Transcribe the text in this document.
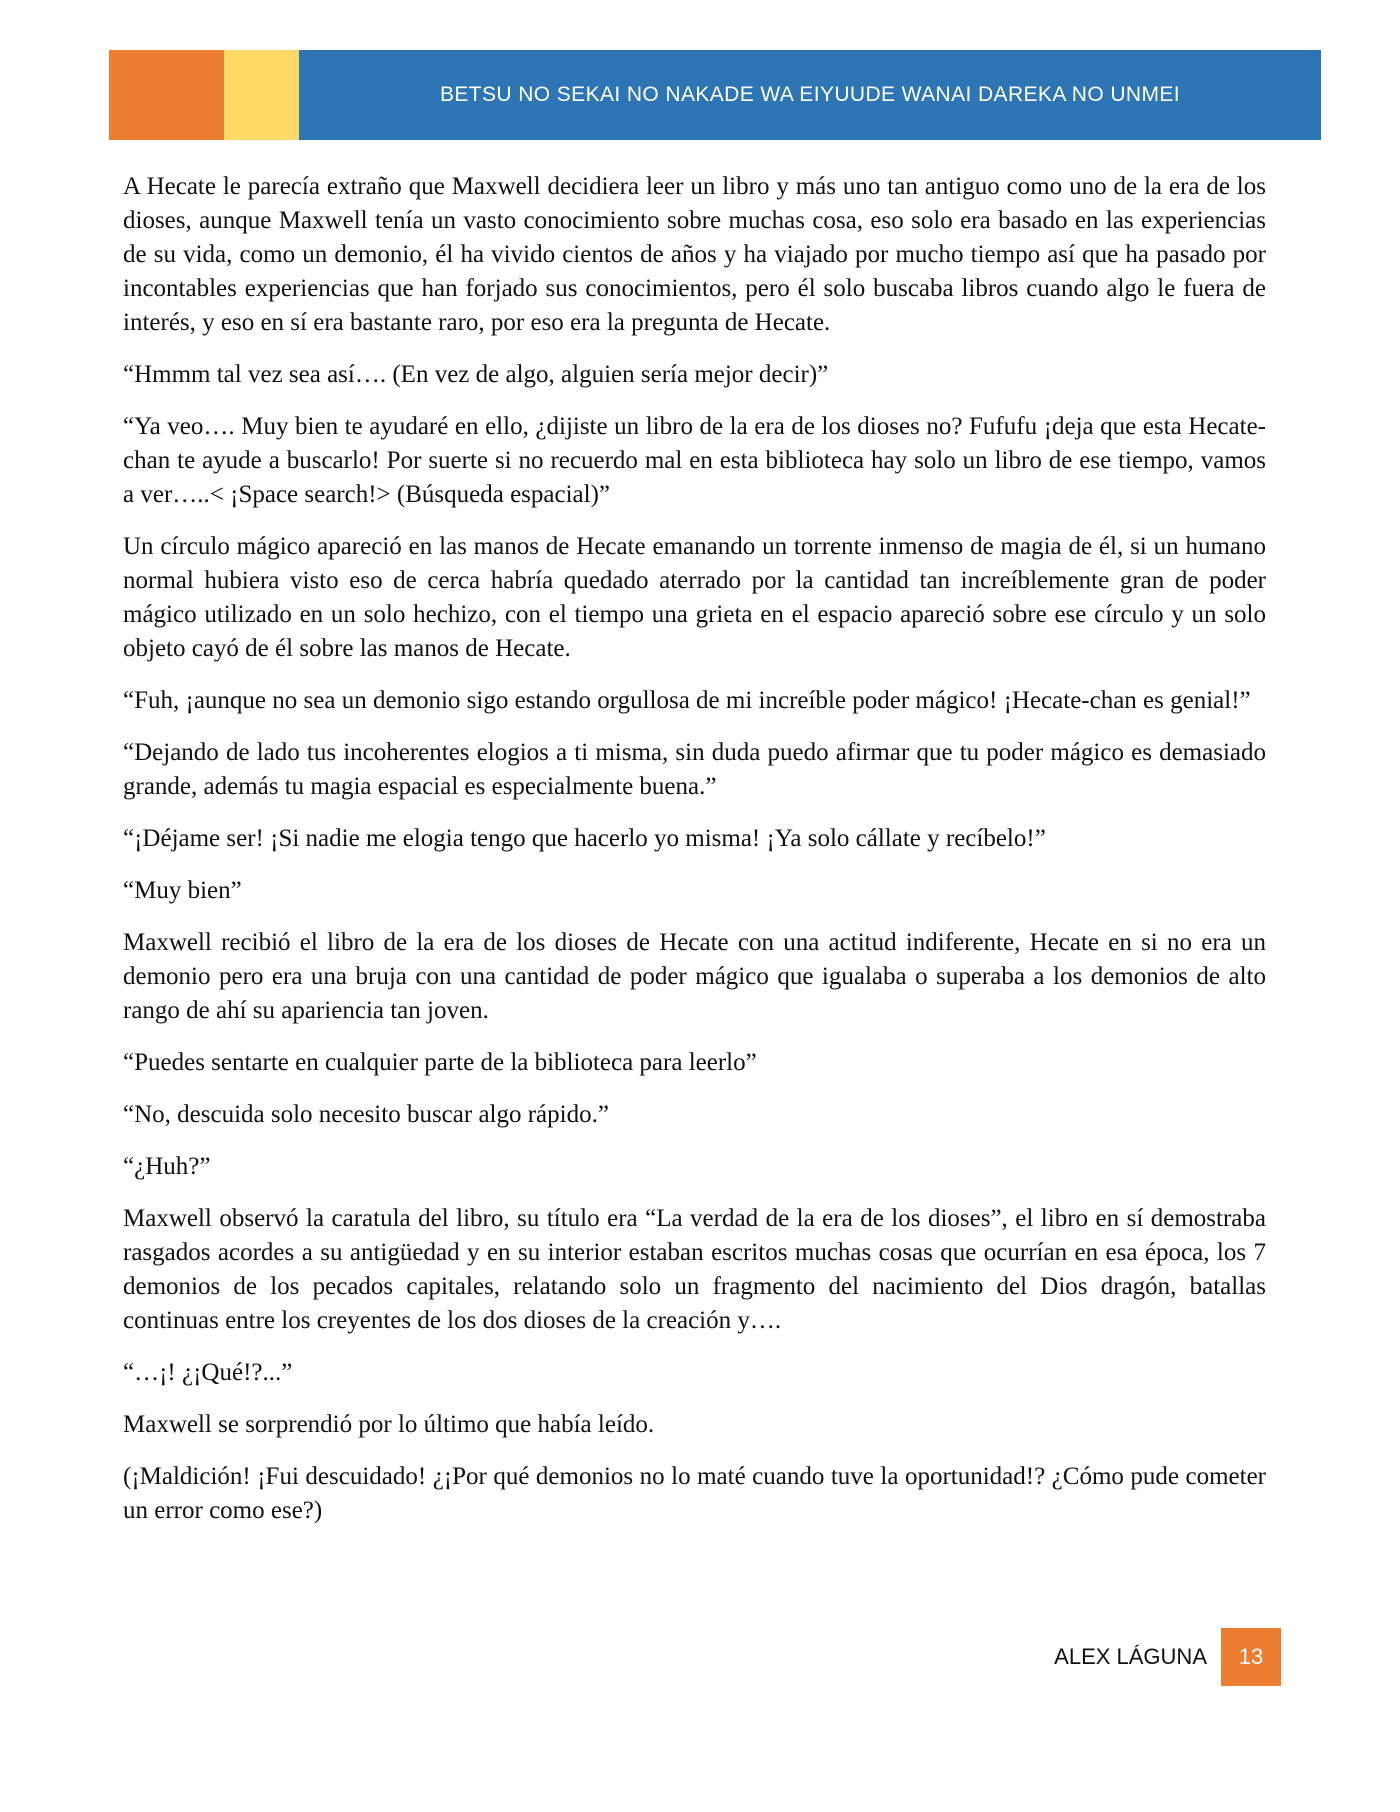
BETSU NO SEKAI NO NAKADE WA EIYUUDE WANAI DAREKA NO UNMEI

A Hecate le parecía extraño que Maxwell decidiera leer un libro y más uno tan antiguo como uno de la era de los dioses, aunque Maxwell tenía un vasto conocimiento sobre muchas cosa, eso solo era basado en las experiencias de su vida, como un demonio, él ha vivido cientos de años y ha viajado por mucho tiempo así que ha pasado por incontables experiencias que han forjado sus conocimientos, pero él solo buscaba libros cuando algo le fuera de interés, y eso en sí era bastante raro, por eso era la pregunta de Hecate.

“Hmmm tal vez sea así…. (En vez de algo, alguien sería mejor decir)”

“Ya veo…. Muy bien te ayudaré en ello, ¿dijiste un libro de la era de los dioses no? Fufufu ¡deja que esta Hecate-chan te ayude a buscarlo! Por suerte si no recuerdo mal en esta biblioteca hay solo un libro de ese tiempo, vamos a ver…..< ¡Space search!> (Búsqueda espacial)”

Un círculo mágico apareció en las manos de Hecate emanando un torrente inmenso de magia de él, si un humano normal hubiera visto eso de cerca habría quedado aterrado por la cantidad tan increíblemente gran de poder mágico utilizado en un solo hechizo, con el tiempo una grieta en el espacio apareció sobre ese círculo y un solo objeto cayó de él sobre las manos de Hecate.

“Fuh, ¡aunque no sea un demonio sigo estando orgullosa de mi increíble poder mágico! ¡Hecate-chan es genial!”

“Dejando de lado tus incoherentes elogios a ti misma, sin duda puedo afirmar que tu poder mágico es demasiado grande, además tu magia espacial es especialmente buena.”

“¡Déjame ser! ¡Si nadie me elogia tengo que hacerlo yo misma! ¡Ya solo cállate y recíbelo!”

“Muy bien”

Maxwell recibió el libro de la era de los dioses de Hecate con una actitud indiferente, Hecate en si no era un demonio pero era una bruja con una cantidad de poder mágico que igualaba o superaba a los demonios de alto rango de ahí su apariencia tan joven.

“Puedes sentarte en cualquier parte de la biblioteca para leerlo”

“No, descuida solo necesito buscar algo rápido.”

“¿Huh?”

Maxwell observó la caratula del libro, su título era “La verdad de la era de los dioses”, el libro en sí demostraba rasgados acordes a su antigüedad y en su interior estaban escritos muchas cosas que ocurrían en esa época, los 7 demonios de los pecados capitales, relatando solo un fragmento del nacimiento del Dios dragón, batallas continuas entre los creyentes de los dos dioses de la creación y….

“…¡! ¿¡Qué!?...”

Maxwell se sorprendió por lo último que había leído.

(¡Maldición! ¡Fui descuidado! ¿¡Por qué demonios no lo maté cuando tuve la oportunidad!? ¿Cómo pude cometer un error como ese?)

ALEX LÁGUNA	13
